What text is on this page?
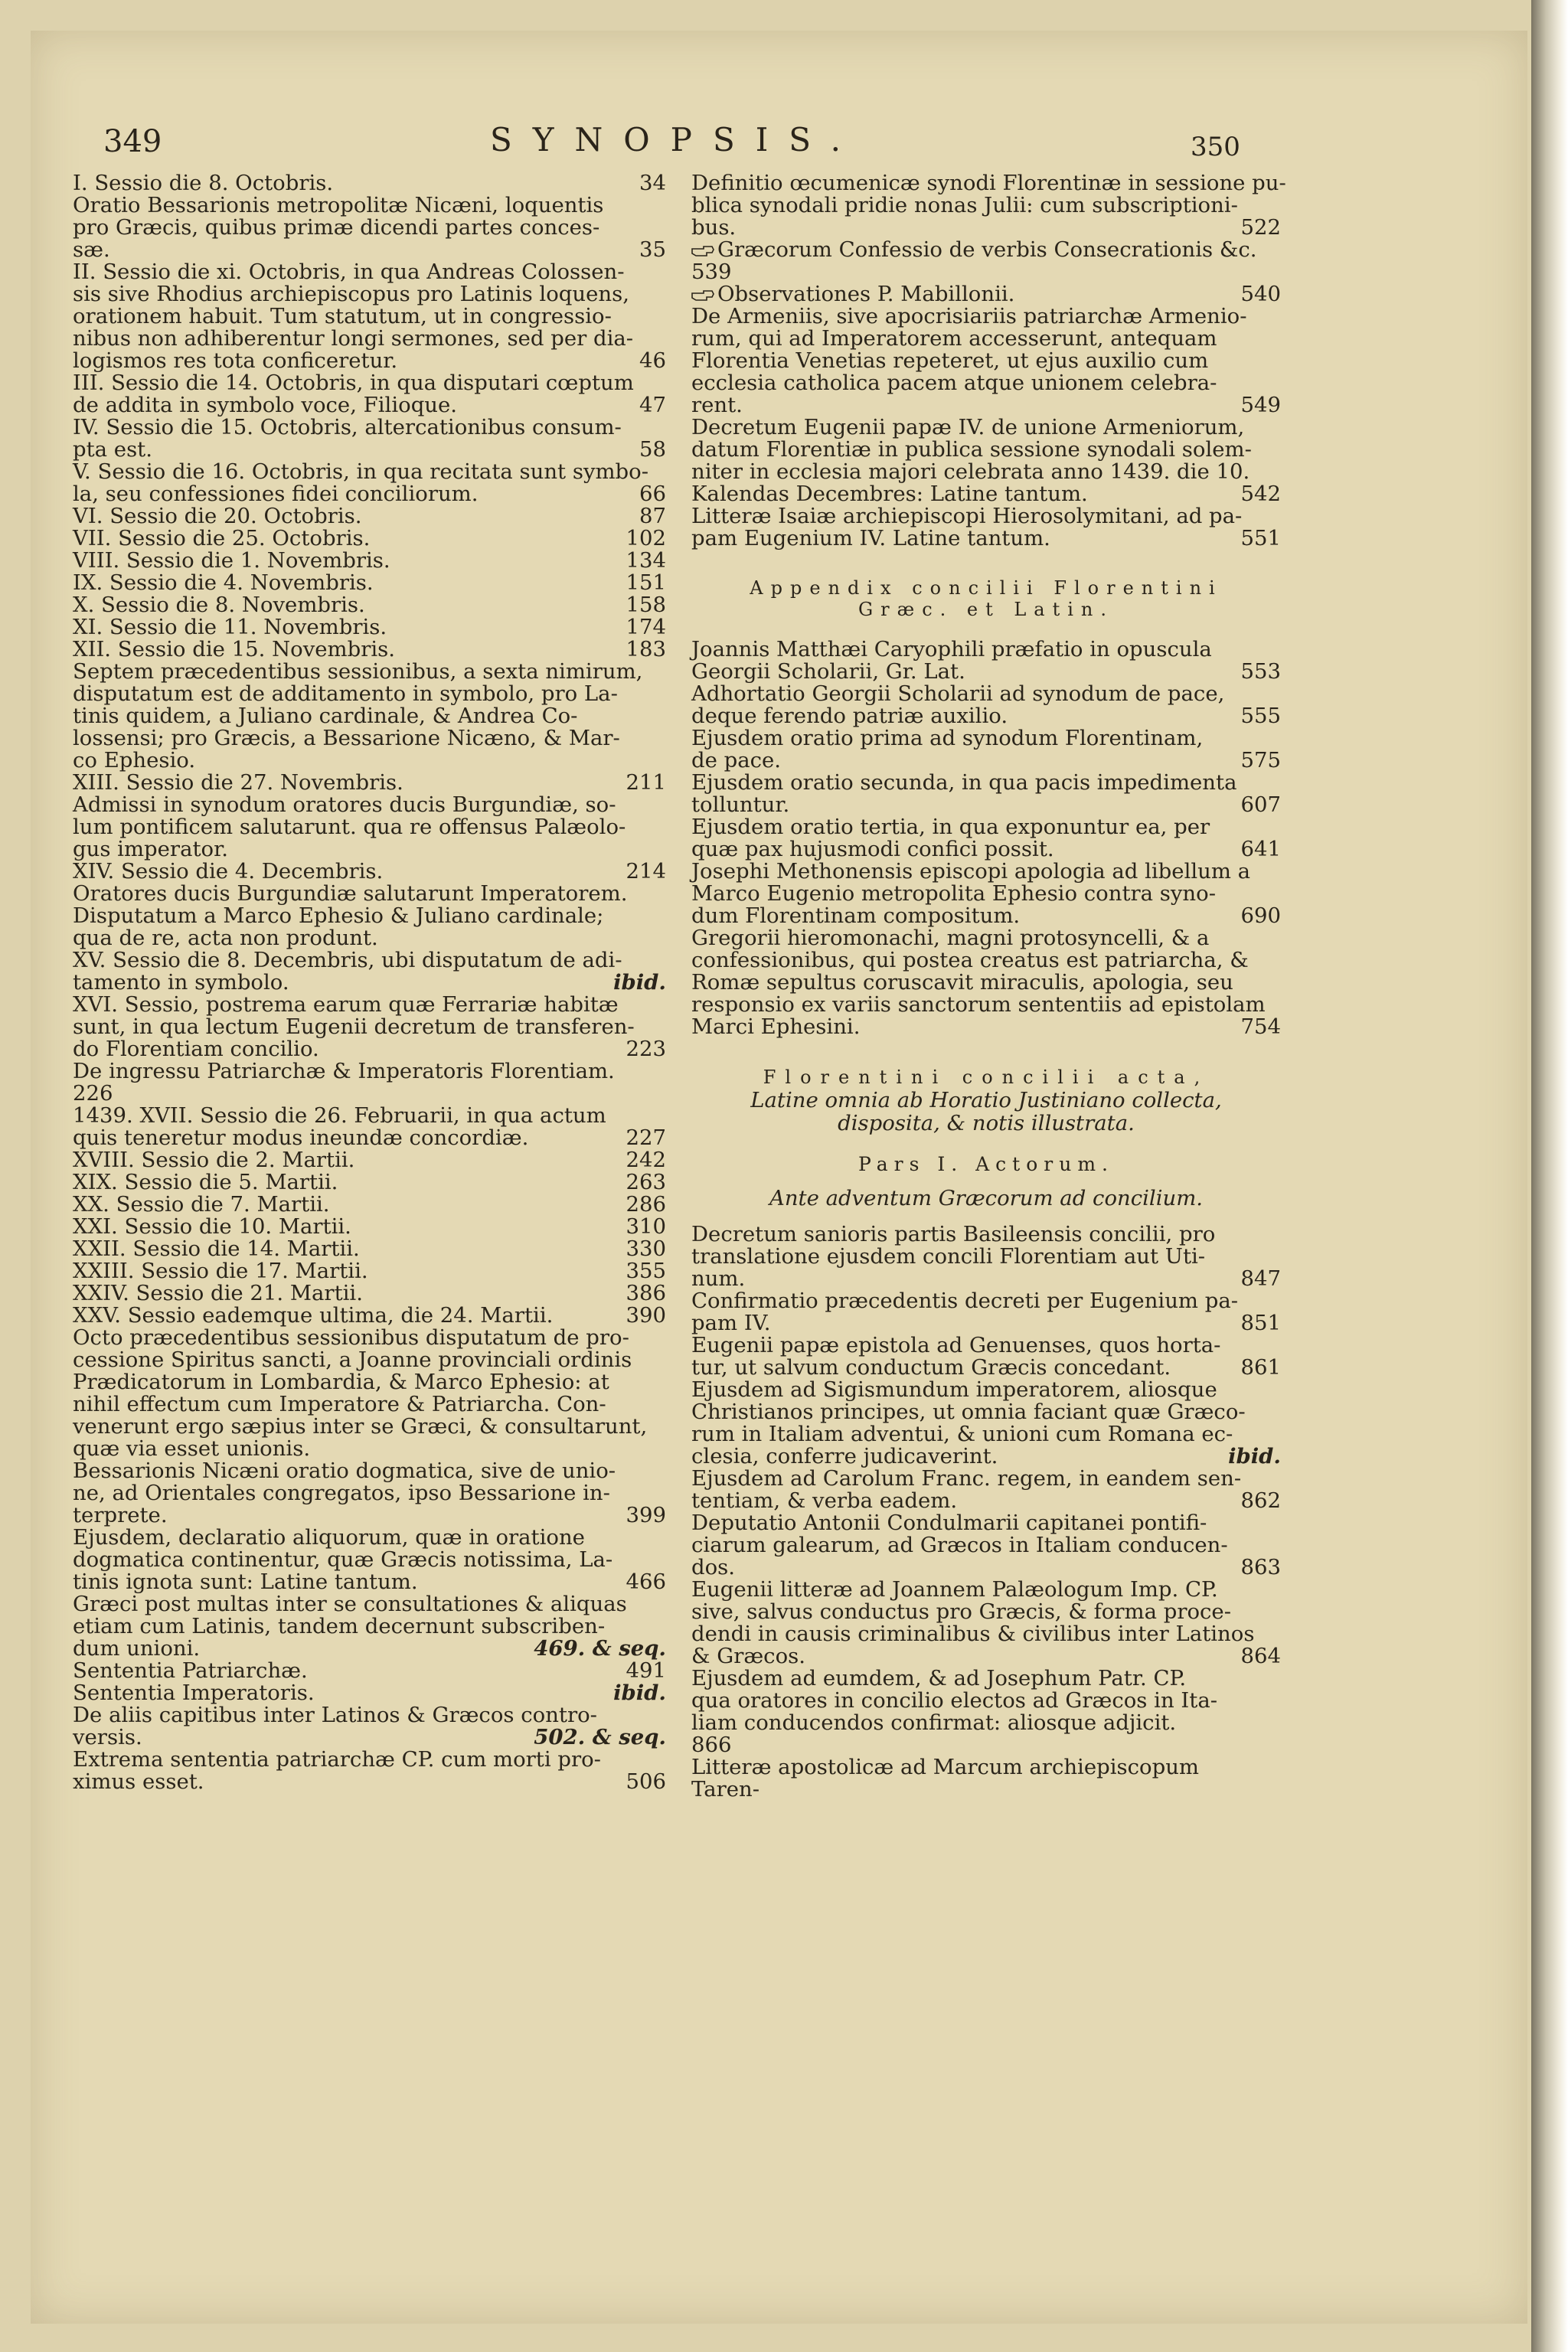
349	SYNOPSIS.	350
I. Sessio die 8. Octobris.	34
Oratio Bessarionis metropolitæ Nicæni, loquentis
pro Græcis, quibus primæ dicendi partes conces-
sæ.	35
II. Sessio die xi. Octobris, in qua Andreas Colossen-
sis sive Rhodius archiepiscopus pro Latinis loquens,
orationem habuit. Tum statutum, ut in congressio-
nibus non adhiberentur longi sermones, sed per dia-
logismos res tota conficeretur.	46
III. Sessio die 14. Octobris, in qua disputari cœptum
de addita in symbolo voce, Filioque.	47
IV. Sessio die 15. Octobris, altercationibus consum-
pta est.	58
V. Sessio die 16. Octobris, in qua recitata sunt symbo-
la, seu confessiones fidei conciliorum.	66
VI. Sessio die 20. Octobris.	87
VII. Sessio die 25. Octobris.	102
VIII. Sessio die 1. Novembris.	134
IX. Sessio die 4. Novembris.	151
X. Sessio die 8. Novembris.	158
XI. Sessio die 11. Novembris.	174
XII. Sessio die 15. Novembris.	183
Septem præcedentibus sessionibus, a sexta nimirum,
disputatum est de additamento in symbolo, pro La-
tinis quidem, a Juliano cardinale, & Andrea Co-
lossensi; pro Græcis, a Bessarione Nicæno, & Mar-
co Ephesio.
XIII. Sessio die 27. Novembris.	211
Admissi in synodum oratores ducis Burgundiæ, so-
lum pontificem salutarunt. qua re offensus Palæolo-
gus imperator.
XIV. Sessio die 4. Decembris.	214
Oratores ducis Burgundiæ salutarunt Imperatorem.
Disputatum a Marco Ephesio & Juliano cardinale;
qua de re, acta non produnt.
XV. Sessio die 8. Decembris, ubi disputatum de adi-
tamento in symbolo.	ibid.
XVI. Sessio, postrema earum quæ Ferrariæ habitæ
sunt, in qua lectum Eugenii decretum de transferen-
do Florentiam concilio.	223
De ingressu Patriarchæ & Imperatoris Florentiam.
226
1439. XVII. Sessio die 26. Februarii, in qua actum
quis teneretur modus ineundæ concordiæ.	227
XVIII. Sessio die 2. Martii.	242
XIX. Sessio die 5. Martii.	263
XX. Sessio die 7. Martii.	286
XXI. Sessio die 10. Martii.	310
XXII. Sessio die 14. Martii.	330
XXIII. Sessio die 17. Martii.	355
XXIV. Sessio die 21. Martii.	386
XXV. Sessio eademque ultima, die 24. Martii.	390
Octo præcedentibus sessionibus disputatum de pro-
cessione Spiritus sancti, a Joanne provinciali ordinis
Prædicatorum in Lombardia, & Marco Ephesio: at
nihil effectum cum Imperatore & Patriarcha. Con-
venerunt ergo sæpius inter se Græci, & consultarunt,
quæ via esset unionis.
Bessarionis Nicæni oratio dogmatica, sive de unio-
ne, ad Orientales congregatos, ipso Bessarione in-
terprete.	399
Ejusdem, declaratio aliquorum, quæ in oratione
dogmatica continentur, quæ Græcis notissima, La-
tinis ignota sunt: Latine tantum.	466
Græci post multas inter se consultationes & aliquas
etiam cum Latinis, tandem decernunt subscriben-
dum unioni.	469. & seq.
Sententia Patriarchæ.	491
Sententia Imperatoris.	ibid.
De aliis capitibus inter Latinos & Græcos contro-
versis.	502. & seq.
Extrema sententia patriarchæ CP. cum morti pro-
ximus esset.	506
Definitio œcumenicæ synodi Florentinæ in sessione pu-
blica synodali pridie nonas Julii: cum subscriptioni-
bus.	522
Græcorum Confessio de verbis Consecrationis &c.
539
Observationes P. Mabillonii.	540
De Armeniis, sive apocrisiariis patriarchæ Armenio-
rum, qui ad Imperatorem accesserunt, antequam
Florentia Venetias repeteret, ut ejus auxilio cum
ecclesia catholica pacem atque unionem celebra-
rent.	549
Decretum Eugenii papæ IV. de unione Armeniorum,
datum Florentiæ in publica sessione synodali solem-
niter in ecclesia majori celebrata anno 1439. die 10.
Kalendas Decembres: Latine tantum.	542
Litteræ Isaiæ archiepiscopi Hierosolymitani, ad pa-
pam Eugenium IV. Latine tantum.	551
Appendix concilii Florentini
Græc. et Latin.
Joannis Matthæi Caryophili præfatio in opuscula
Georgii Scholarii, Gr. Lat.	553
Adhortatio Georgii Scholarii ad synodum de pace,
deque ferendo patriæ auxilio.	555
Ejusdem oratio prima ad synodum Florentinam,
de pace.	575
Ejusdem oratio secunda, in qua pacis impedimenta
tolluntur.	607
Ejusdem oratio tertia, in qua exponuntur ea, per
quæ pax hujusmodi confici possit.	641
Josephi Methonensis episcopi apologia ad libellum a
Marco Eugenio metropolita Ephesio contra syno-
dum Florentinam compositum.	690
Gregorii hieromonachi, magni protosyncelli, & a
confessionibus, qui postea creatus est patriarcha, &
Romæ sepultus coruscavit miraculis, apologia, seu
responsio ex variis sanctorum sententiis ad epistolam
Marci Ephesini.	754
Florentini concilii acta,
Latine omnia ab Horatio Justiniano collecta,
disposita, & notis illustrata.
Pars I. Actorum.
Ante adventum Græcorum ad concilium.
Decretum sanioris partis Basileensis concilii, pro
translatione ejusdem concili Florentiam aut Uti-
num.	847
Confirmatio præcedentis decreti per Eugenium pa-
pam IV.	851
Eugenii papæ epistola ad Genuenses, quos horta-
tur, ut salvum conductum Græcis concedant.	861
Ejusdem ad Sigismundum imperatorem, aliosque
Christianos principes, ut omnia faciant quæ Græco-
rum in Italiam adventui, & unioni cum Romana ec-
clesia, conferre judicaverint.	ibid.
Ejusdem ad Carolum Franc. regem, in eandem sen-
tentiam, & verba eadem.	862
Deputatio Antonii Condulmarii capitanei pontifi-
ciarum galearum, ad Græcos in Italiam conducen-
dos.	863
Eugenii litteræ ad Joannem Palæologum Imp. CP.
sive, salvus conductus pro Græcis, & forma proce-
dendi in causis criminalibus & civilibus inter Latinos
& Græcos.	864
Ejusdem ad eumdem, & ad Josephum Patr. CP.
qua oratores in concilio electos ad Græcos in Ita-
liam conducendos confirmat: aliosque adjicit.
866
Litteræ apostolicæ ad Marcum archiepiscopum
Taren-
